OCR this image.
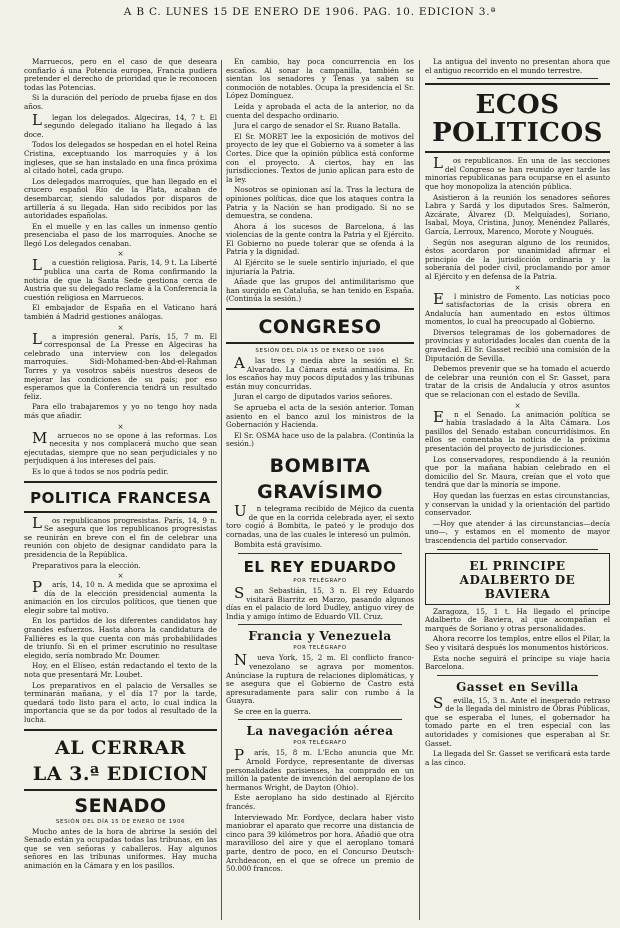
A B C. LUNES 15 DE ENERO DE 1906. PAG. 10. EDICION 3.ª

Marruecos, pero en el caso de que deseara confiarlo á una Potencia europea, Francia pudiera pretender el derecho de prioridad que le reconocen todas las Potencias.

Si la duración del período de prueba fijase en dos años.

Llegan los delegados. Algeciras, 14, 7 t. El segundo delegado italiano ha llegado á las doce.

Todos los delegados se hospedan en el hotel Reina Cristina, exceptuando los marroquíes y á los ingleses, que se han instalado en una finca próxima al citado hotel, cada grupo.

Los delegados marroquíes, que han llegado en el crucero español Río de la Plata, acaban de desembarcar, siendo saludados por disparos de artillería á su llegada. Han sido recibidos por las autoridades españolas.

En el muelle y en las calles un inmenso gentío presenciaba el paso de los marroquíes. Anoche se llegó Los delegados cenaban.

×

La cuestión religiosa. París, 14, 9 t. La Liberté publica una carta de Roma confirmando la noticia de que la Santa Sede gestiona cerca de Austria que su delegado reclame á la Conferencia la cuestión religiosa en Marruecos.

El embajador de España en el Vaticano hará también á Madrid gestiones análogas.

×

La impresión general. París, 15, 7 m. El corresponsal de La Presse en Algeciras ha celebrado una interview con los delegados marroquíes. Sidi-Mohamed-ben-Abd-el-Rahman Torres y ya vosotros sabéis nuestros deseos de mejorar las condiciones de su país; por eso esperamos que la Conferencia tendrá un resultado feliz.

Para ello trabajaremos y yo no tengo hoy nada más que añadir.

×

Marruecos no se opone á las reformas. Los necesita y nos complacerá mucho que sean ejecutadas, siempre que no sean perjudiciales y no perjudiquen á los intereses del país.

Es lo que á todos se nos podría pedir.

POLITICA FRANCESA

Los republicanos progresistas. París, 14, 9 n. Se asegura que los republicanos progresistas se reunirán en breve con el fin de celebrar una reunión con objeto de designar candidato para la presidencia de la República.

Preparativos para la elección.

×

París, 14, 10 n. A medida que se aproxima el día de la elección presidencial aumenta la animación en los círculos políticos, que tienen que elegir sobre tal motivo.

En los partidos de los diferentes candidatos hay grandes esfuerzos. Hasta ahora la candidatura de Fallières es la que cuenta con más probabilidades de triunfo. Si en el primer escrutinio no resultase elegido, sería nombrado Mr. Doumer.

Hoy, en el Elíseo, están redactando el texto de la nota que presentará Mr. Loubet.

Los preparativos en el palacio de Versalles se terminarán mañana, y el día 17 por la tarde, quedará todo listo para el acto, lo cual indica la importancia que se da por todos al resultado de la lucha.

AL CERRAR
LA 3.ª EDICION
SENADO
SESIÓN DEL DÍA 15 DE ENERO DE 1906

Mucho antes de la hora de abrirse la sesión del Senado están ya ocupadas todas las tribunas, en las que se ven señoras y caballeros. Hay algunos señores en las tribunas uniformes. Hay mucha animación en la Cámara y en los pasillos.

En cambio, hay poca concurrencia en los escaños. Al sonar la campanilla, también se sientan los senadores y Tenas ya saben su conmoción de notables. Ocupa la presidencia el Sr. López Domínguez.

Leída y aprobada el acta de la anterior, no da cuenta del despacho ordinario.

Jura el cargo de senador el Sr. Ruano Batalla.

El Sr. MORET lee la exposición de motivos del proyecto de ley que el Gobierno va á someter á las Cortes. Dice que la opinión pública está conforme con el proyecto. A ciertos, hay en las jurisdicciones. Textos de junio aplican para esto de la ley.

Nosotros se opinionan así la. Tras la lectura de opiniones políticas, dice que los ataques contra la Patria y la Nación se han prodigado. Si no se demuestra, se condena.

Ahora á los sucesos de Barcelona, á las violencias de la gente contra la Patria y el Ejército. El Gobierno no puede tolerar que se ofenda á la Patria y la dignidad.

Al Ejército se le suele sentirlo injuriado, el que injuriaría la Patria.

Añade que las grupos del antimilitarismo que han surgido en Cataluña, se han tenido en España. (Continúa la sesión.)

CONGRESO
SESIÓN DEL DÍA 15 DE ENERO DE 1906

Alas tres y media abre la sesión el Sr. Alvarado. La Cámara está animadísima. En los escaños hay muy pocos diputados y las tribunas están muy concurridas.

Juran el cargo de diputados varios señores.

Se aprueba el acta de la sesión anterior. Toman asiento en el banco azul los ministros de la Gobernación y Hacienda.

El Sr. OSMA hace uso de la palabra. (Continúa la sesión.)

BOMBITA
GRAVÍSIMO

Un telegrama recibido de Méjico da cuenta de que en la corrida celebrada ayer, el sexto toro cogió á Bombita, le pateó y le produjo dos cornadas, una de las cuales le interesó un pulmón.

Bombita está gravísimo.

EL REY EDUARDO
POR TELÉGRAFO

San Sebastián, 15, 3 n. El rey Eduardo visitará Biarritz en Marzo, pasando algunos días en el palacio de lord Dudley, antiguo virey de India y amigo íntimo de Eduardo VII. Cruz.

Francia y Venezuela
POR TELÉGRAFO

Nueva York, 15, 2 m. El conflicto franco-venezolano se agrava por momentos. Anúnciase la ruptura de relaciones diplomáticas, y se asegura que el Gobierno de Castro está apresuradamente para salir con rumbo á la Guayra.

Se cree en la guerra.

La navegación aérea
POR TELÉGRAFO

París, 15, 8 m. L'Echo anuncia que Mr. Arnold Fordyce, representante de diversas personalidades parisienses, ha comprado en un millón la patente de invención del aeroplano de los hermanos Wright, de Dayton (Ohio).

Este aeroplano ha sido destinado al Ejército francés.

Interviewado Mr. Fordyce, declara haber visto maniobrar el aparato que recorre una distancia de cinco para 39 kilómetros por hora. Añadió que otra maravilloso del aire y que el aeroplano tomará parte, dentro de poco, en el Concurso Deutsch-Archdeacon, en el que se ofrece un premio de 50.000 francos.

La antigua del invento no presentan ahora que el antiguo recorrido en el mundo terrestre.

ECOS POLITICOS

Los republicanos. En una de las secciones del Congreso se han reunido ayer tarde las minorías republicanas para ocuparse en el asunto que hoy monopoliza la atención pública.

Asistieron á la reunión los senadores señores Labra y Sardá y los diputados Sres. Salmerón, Azcárate, Álvarez (D. Melquíades), Soriano, Isabal, Moya, Cristina, Junoy, Menéndez Pallarés, García, Lerroux, Marenco, Morote y Nougués.

Según nos aseguran alguno de los reunidos, éstos acordaron por unanimidad afirmar el principio de la jurisdicción ordinaria y la soberanía del poder civil, proclamando por amor al Ejército y en defensa de la Patria.

×

El ministro de Fomento. Las noticias poco satisfactorias de la crisis obrera en Andalucía han aumentado en estos últimos momentos, lo cual ha preocupado al Gobierno.

Diversos telegramas de los gobernadores de provincias y autoridades locales dan cuenta de la gravedad. El Sr. Gasset recibió una comisión de la Diputación de Sevilla.

Debemos prevenir que se ha tomado el acuerdo de celebrar una reunión con el Sr. Gasset, para tratar de la crisis de Andalucía y otros asuntos que se relacionan con el estado de Sevilla.

×

En el Senado. La animación política se había trasladado á la Alta Cámara. Los pasillos del Senado estaban concurridísimos. En ellos se comentaba la noticia de la próxima presentación del proyecto de jurisdicciones.

Los conservadores, respondiendo á la reunión que por la mañana habían celebrado en el domicilio del Sr. Maura, creían que el voto que tendrá que dar la minoría se impone.

Hoy quedan las fuerzas en estas circunstancias, y conservan la unidad y la orientación del partido conservador.

—Hoy que atender á las circunstancias—decía uno—, y estamos en el momento de mayor trascendencia del partido conservador.

EL PRINCIPE ADALBERTO DE BAVIERA

Zaragoza, 15, 1 t. Ha llegado el príncipe Adalberto de Baviera, al que acompañan el marqués de Soriano y otras personalidades.

Ahora recorre los templos, entre ellos el Pilar, la Seo y visitará después los monumentos históricos.

Esta noche seguirá el príncipe su viaje hacia Barcelona.

Gasset en Sevilla

Sevilla, 15, 3 n. Ante el inesperado retraso de la llegada del ministro de Obras Públicas, que se esperaba el lunes, el gobernador ha tomado parte en el tren especial con las autoridades y comisiones que esperaban al Sr. Gasset.

La llegada del Sr. Gasset se verificará esta tarde a las cinco.
